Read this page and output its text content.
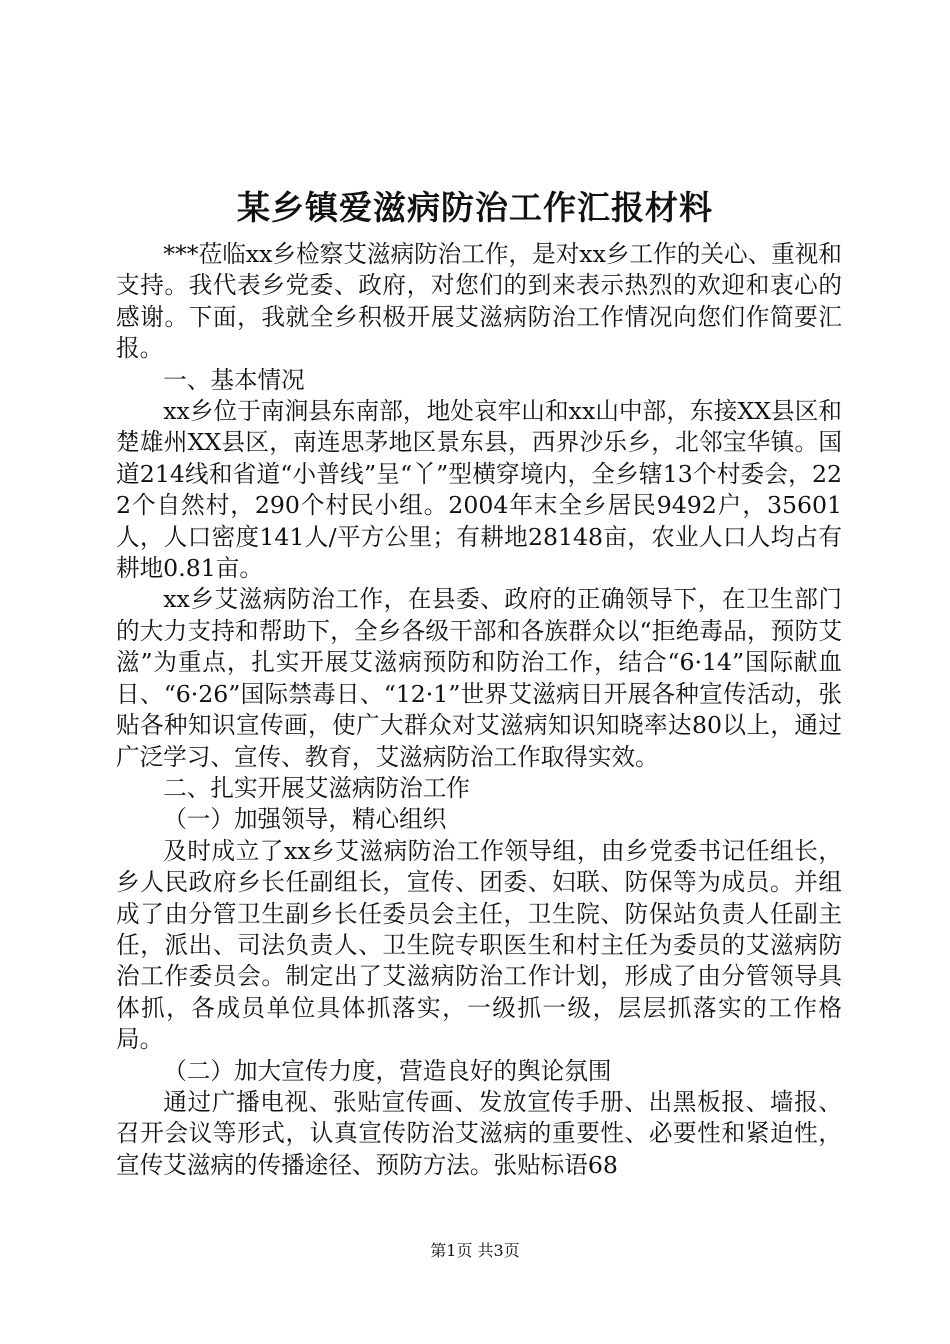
某乡镇爱滋病防治工作汇报材料

***莅临xx乡检察艾滋病防治工作，是对xx乡工作的关心、重视和支持。我代表乡党委、政府，对您们的到来表示热烈的欢迎和衷心的感谢。下面，我就全乡积极开展艾滋病防治工作情况向您们作简要汇报。

一、基本情况

xx乡位于南涧县东南部，地处哀牢山和xx山中部，东接XX县区和楚雄州XX县区，南连思茅地区景东县，西界沙乐乡，北邻宝华镇。国道214线和省道“小普线”呈“丫”型横穿境内，全乡辖13个村委会，222个自然村，290个村民小组。2004年末全乡居民9492户，35601人，人口密度141人/平方公里；有耕地28148亩，农业人口人均占有耕地0.81亩。

xx乡艾滋病防治工作，在县委、政府的正确领导下，在卫生部门的大力支持和帮助下，全乡各级干部和各族群众以“拒绝毒品，预防艾滋”为重点，扎实开展艾滋病预防和防治工作，结合“6·14”国际献血日、“6·26”国际禁毒日、“12·1”世界艾滋病日开展各种宣传活动，张贴各种知识宣传画，使广大群众对艾滋病知识知晓率达80以上，通过广泛学习、宣传、教育，艾滋病防治工作取得实效。

二、扎实开展艾滋病防治工作

（一）加强领导，精心组织

及时成立了xx乡艾滋病防治工作领导组，由乡党委书记任组长，乡人民政府乡长任副组长，宣传、团委、妇联、防保等为成员。并组成了由分管卫生副乡长任委员会主任，卫生院、防保站负责人任副主任，派出、司法负责人、卫生院专职医生和村主任为委员的艾滋病防治工作委员会。制定出了艾滋病防治工作计划，形成了由分管领导具体抓，各成员单位具体抓落实，一级抓一级，层层抓落实的工作格局。

（二）加大宣传力度，营造良好的舆论氛围

通过广播电视、张贴宣传画、发放宣传手册、出黑板报、墙报、召开会议等形式，认真宣传防治艾滋病的重要性、必要性和紧迫性，宣传艾滋病的传播途径、预防方法。张贴标语68

第1页 共3页
